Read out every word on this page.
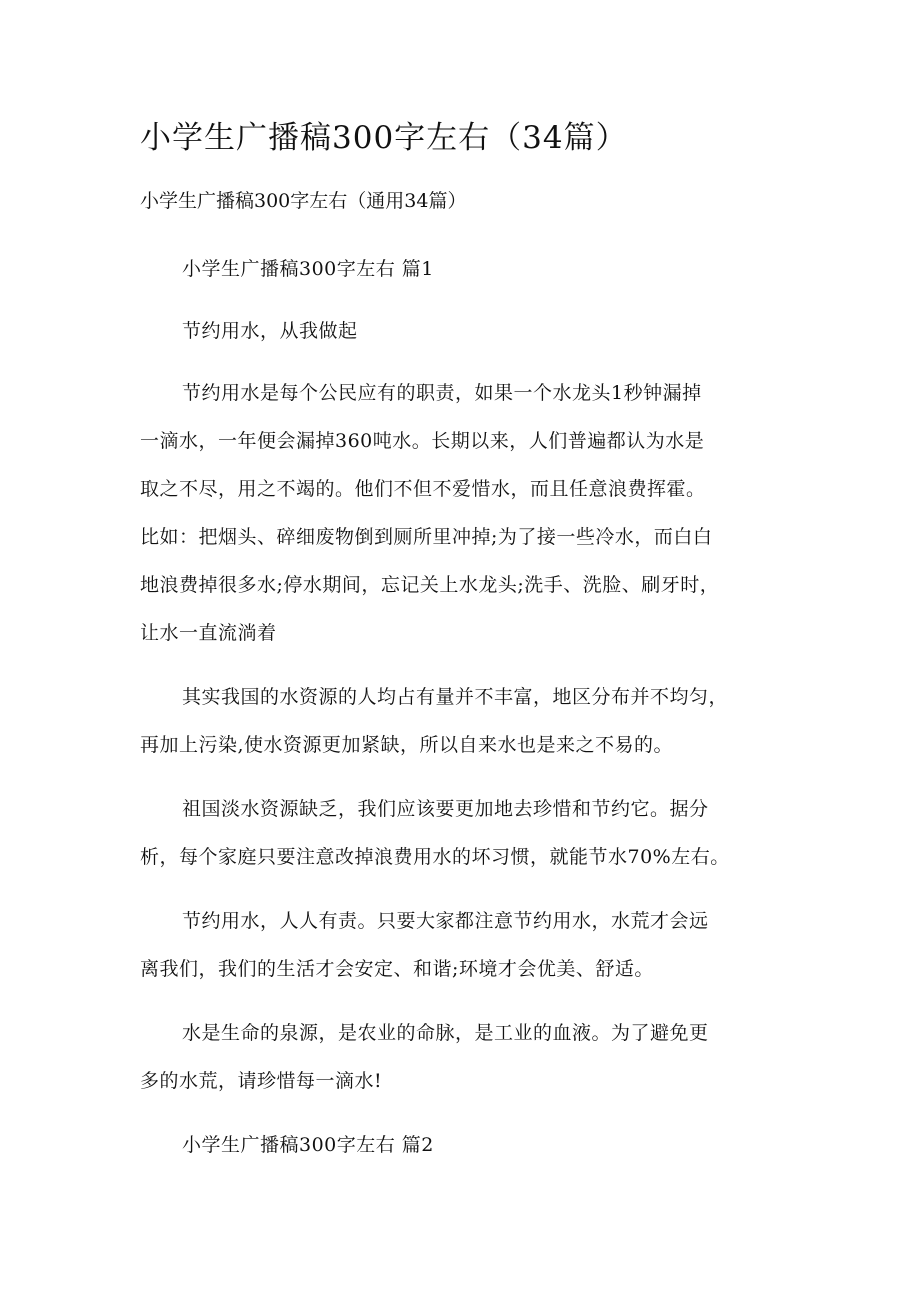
小学生广播稿300字左右（34篇）

小学生广播稿300字左右（通用34篇）

小学生广播稿300字左右 篇1

节约用水，从我做起

节约用水是每个公民应有的职责，如果一个水龙头1秒钟漏掉

一滴水，一年便会漏掉360吨水。长期以来，人们普遍都认为水是

取之不尽，用之不竭的。他们不但不爱惜水，而且任意浪费挥霍。

比如：把烟头、碎细废物倒到厕所里冲掉;为了接一些冷水，而白白

地浪费掉很多水;停水期间，忘记关上水龙头;洗手、洗脸、刷牙时，

让水一直流淌着

其实我国的水资源的人均占有量并不丰富，地区分布并不均匀，

再加上污染,使水资源更加紧缺，所以自来水也是来之不易的。

祖国淡水资源缺乏，我们应该要更加地去珍惜和节约它。据分

析，每个家庭只要注意改掉浪费用水的坏习惯，就能节水70%左右。

节约用水，人人有责。只要大家都注意节约用水，水荒才会远

离我们，我们的生活才会安定、和谐;环境才会优美、舒适。

水是生命的泉源，是农业的命脉，是工业的血液。为了避免更

多的水荒，请珍惜每一滴水!

小学生广播稿300字左右 篇2
